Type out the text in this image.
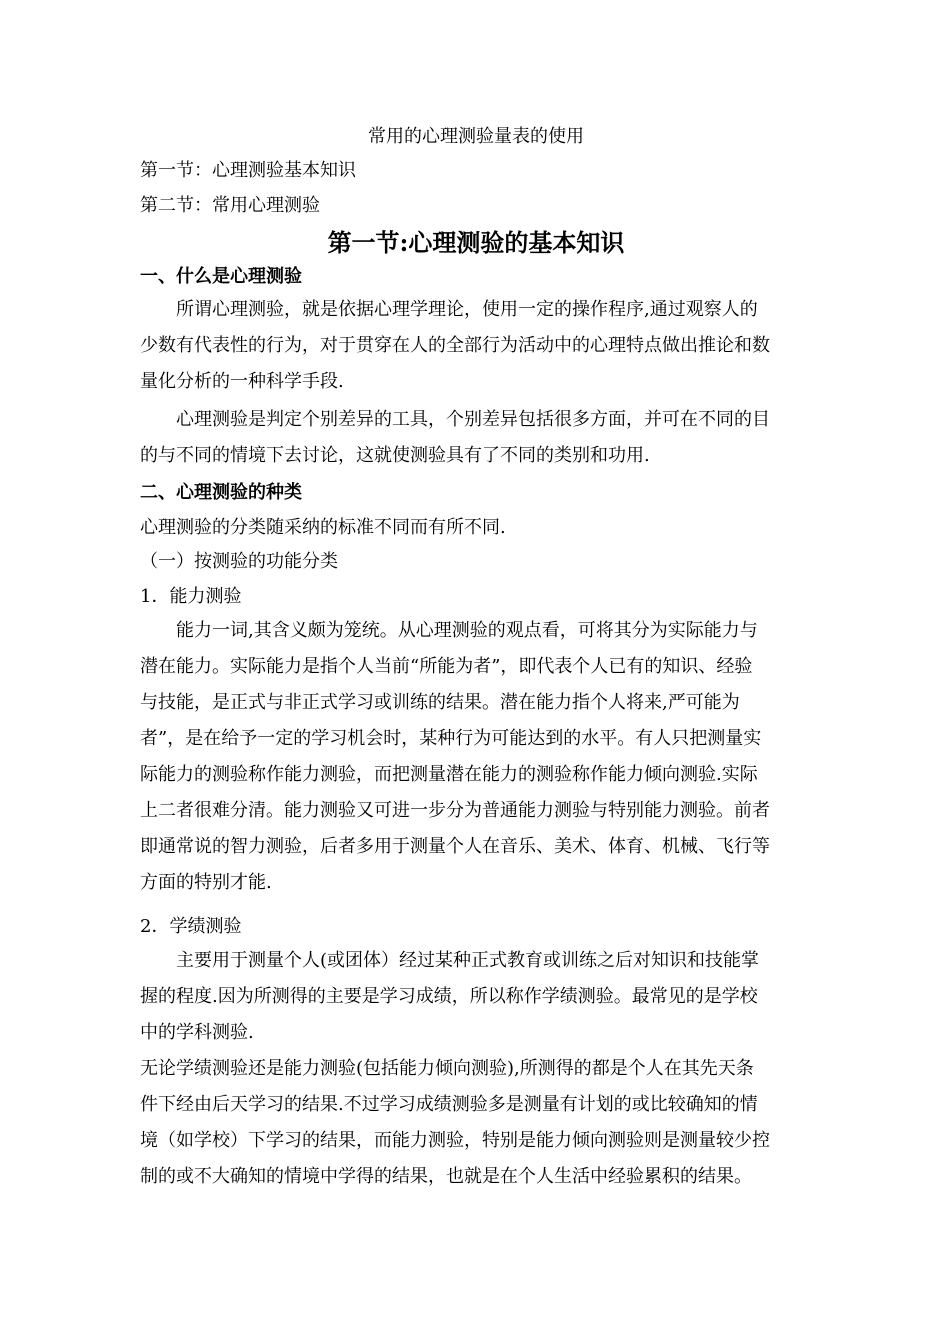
常用的心理测验量表的使用
第一节：心理测验基本知识
第二节：常用心理测验
第一节:心理测验的基本知识
一、什么是心理测验
所谓心理测验，就是依据心理学理论，使用一定的操作程序,通过观察人的
少数有代表性的行为，对于贯穿在人的全部行为活动中的心理特点做出推论和数
量化分析的一种科学手段.
心理测验是判定个别差异的工具，个别差异包括很多方面，并可在不同的目
的与不同的情境下去讨论，这就使测验具有了不同的类别和功用.
二、心理测验的种类
心理测验的分类随采纳的标准不同而有所不同.
（一）按测验的功能分类
1．能力测验
能力一词,其含义颇为笼统。从心理测验的观点看，可将其分为实际能力与
潜在能力。实际能力是指个人当前“所能为者”，即代表个人已有的知识、经验
与技能，是正式与非正式学习或训练的结果。潜在能力指个人将来,严可能为
者”，是在给予一定的学习机会时，某种行为可能达到的水平。有人只把测量实
际能力的测验称作能力测验，而把测量潜在能力的测验称作能力倾向测验.实际
上二者很难分清。能力测验又可进一步分为普通能力测验与特别能力测验。前者
即通常说的智力测验，后者多用于测量个人在音乐、美术、体育、机械、飞行等
方面的特别才能.
2．学绩测验
主要用于测量个人(或团体）经过某种正式教育或训练之后对知识和技能掌
握的程度.因为所测得的主要是学习成绩，所以称作学绩测验。最常见的是学校
中的学科测验.
无论学绩测验还是能力测验(包括能力倾向测验),所测得的都是个人在其先天条
件下经由后天学习的结果.不过学习成绩测验多是测量有计划的或比较确知的情
境（如学校）下学习的结果，而能力测验，特别是能力倾向测验则是测量较少控
制的或不大确知的情境中学得的结果，也就是在个人生活中经验累积的结果。
